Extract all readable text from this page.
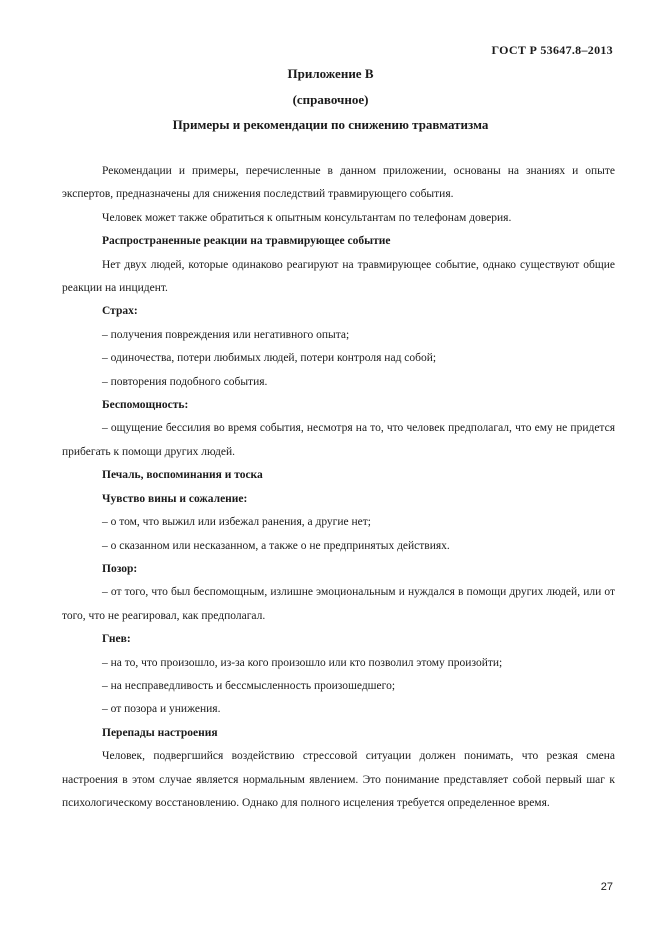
ГОСТ Р 53647.8–2013
Приложение В
(справочное)
Примеры и рекомендации по снижению травматизма

Рекомендации и примеры, перечисленные в данном приложении, основаны на знаниях и опыте экспертов, предназначены для снижения последствий травмирующего события.

Человек может также обратиться к опытным консультантам по телефонам доверия.

Распространенные реакции на травмирующее событие

Нет двух людей, которые одинаково реагируют на травмирующее событие, однако существуют общие реакции на инцидент.

Страх:

– получения повреждения или негативного опыта;

– одиночества, потери любимых людей, потери контроля над собой;

– повторения подобного события.

Беспомощность:

– ощущение бессилия во время события, несмотря на то, что человек предполагал, что ему не придется прибегать к помощи других людей.

Печаль, воспоминания и тоска

Чувство вины и сожаление:

– о том, что выжил или избежал ранения, а другие нет;

– о сказанном или несказанном, а также о не предпринятых действиях.

Позор:

– от того, что был беспомощным, излишне эмоциональным и нуждался в помощи других людей, или от того, что не реагировал, как предполагал.

Гнев:

– на то, что произошло, из-за кого произошло или кто позволил этому произойти;

– на несправедливость и бессмысленность произошедшего;

– от позора и унижения.

Перепады настроения

Человек, подвергшийся воздействию стрессовой ситуации должен понимать, что резкая смена настроения в этом случае является нормальным явлением. Это понимание представляет собой первый шаг к психологическому восстановлению. Однако для полного исцеления требуется определенное время.

27
